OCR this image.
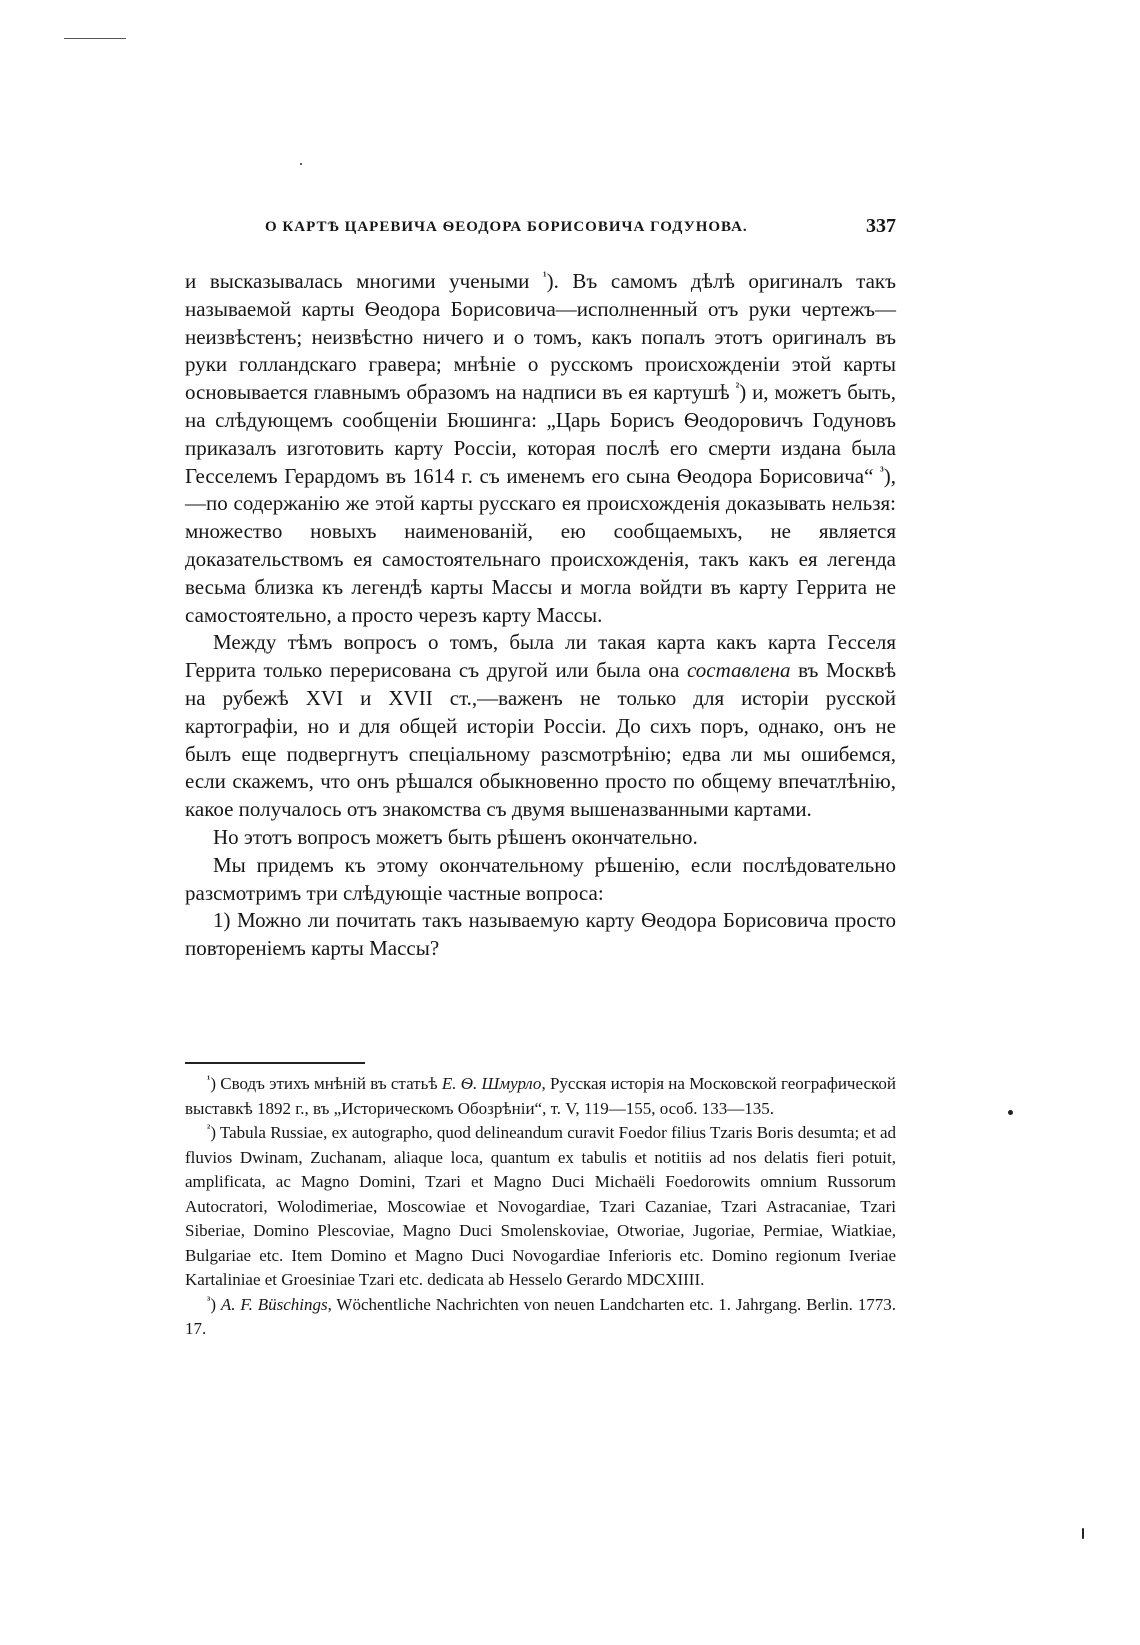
О КАРТѢ ЦАРЕВИЧА ѲЕОДОРА БОРИСОВИЧА ГОДУНОВА.	337

и высказывалась многими учеными $^{^1}$). Въ самомъ дѣлѣ оригиналъ такъ называемой карты Ѳеодора Борисовича—исполненный отъ руки чертежъ—неизвѣстенъ; неизвѣстно ничего и о томъ, какъ попалъ этотъ оригиналъ въ руки голландскаго гравера; мнѣніе о русскомъ происхожденіи этой карты основывается главнымъ образомъ на надписи въ ея картушѣ $^{^2}$) и, можетъ быть, на слѣдующемъ сообщеніи Бюшинга: „Царь Борисъ Ѳеодоровичъ Годуновъ приказалъ изготовить карту Россіи, которая послѣ его смерти издана была Гесселемъ Герардомъ въ 1614 г. съ именемъ его сына Ѳеодора Борисовича“ $^{^3}$),—по содержанію же этой карты русскаго ея происхожденія доказывать нельзя: множество новыхъ наименованій, ею сообщаемыхъ, не является доказательствомъ ея самостоятельнаго происхожденія, такъ какъ ея легенда весьма близка къ легендѣ карты Массы и могла войдти въ карту Геррита не самостоятельно, а просто черезъ карту Массы.

Между тѣмъ вопросъ о томъ, была ли такая карта какъ карта Гесселя Геррита только перерисована съ другой или была она составлена въ Москвѣ на рубежѣ XVI и XVII ст.,—важенъ не только для исторіи русской картографіи, но и для общей исторіи Россіи. До сихъ поръ, однако, онъ не былъ еще подвергнутъ спеціальному разсмотрѣнію; едва ли мы ошибемся, если скажемъ, что онъ рѣшался обыкновенно просто по общему впечатлѣнію, какое получалось отъ знакомства съ двумя вышеназванными картами.

Но этотъ вопросъ можетъ быть рѣшенъ окончательно.

Мы придемъ къ этому окончательному рѣшенію, если послѣдовательно разсмотримъ три слѣдующіе частные вопроса:

1) Можно ли почитать такъ называемую карту Ѳеодора Борисовича просто повтореніемъ карты Массы?

$^{^1}$) Сводъ этихъ мнѣній въ статьѣ Е. Ѳ. Шмурло, Русская исторія на Московской географической выставкѣ 1892 г., въ „Историческомъ Обозрѣніи“, т. V, 119—155, особ. 133—135.

$^{^2}$) Tabula Russiae, ex autographo, quod delineandum curavit Foedor filius Tzaris Boris desumta; et ad fluvios Dwinam, Zuchanam, aliaque loca, quantum ex tabulis et notitiis ad nos delatis fieri potuit, amplificata, ac Magno Domini, Tzari et Magno Duci Michaëli Foedorowits omnium Russorum Autocratori, Wolodimeriae, Moscowiae et Novogardiae, Tzari Cazaniae, Tzari Astracaniae, Tzari Siberiae, Domino Plescoviae, Magno Duci Smolenskoviae, Otworiae, Jugoriae, Permiae, Wiatkiae, Bulgariae etc. Item Domino et Magno Duci Novogardiae Inferioris etc. Domino regionum Iveriae Kartaliniae et Groesiniae Tzari etc. dedicata ab Hesselo Gerardo MDCXIIII.

$^{^3}$) A. F. Büschings, Wöchentliche Nachrichten von neuen Landcharten etc. 1. Jahrgang. Berlin. 1773. 17.
